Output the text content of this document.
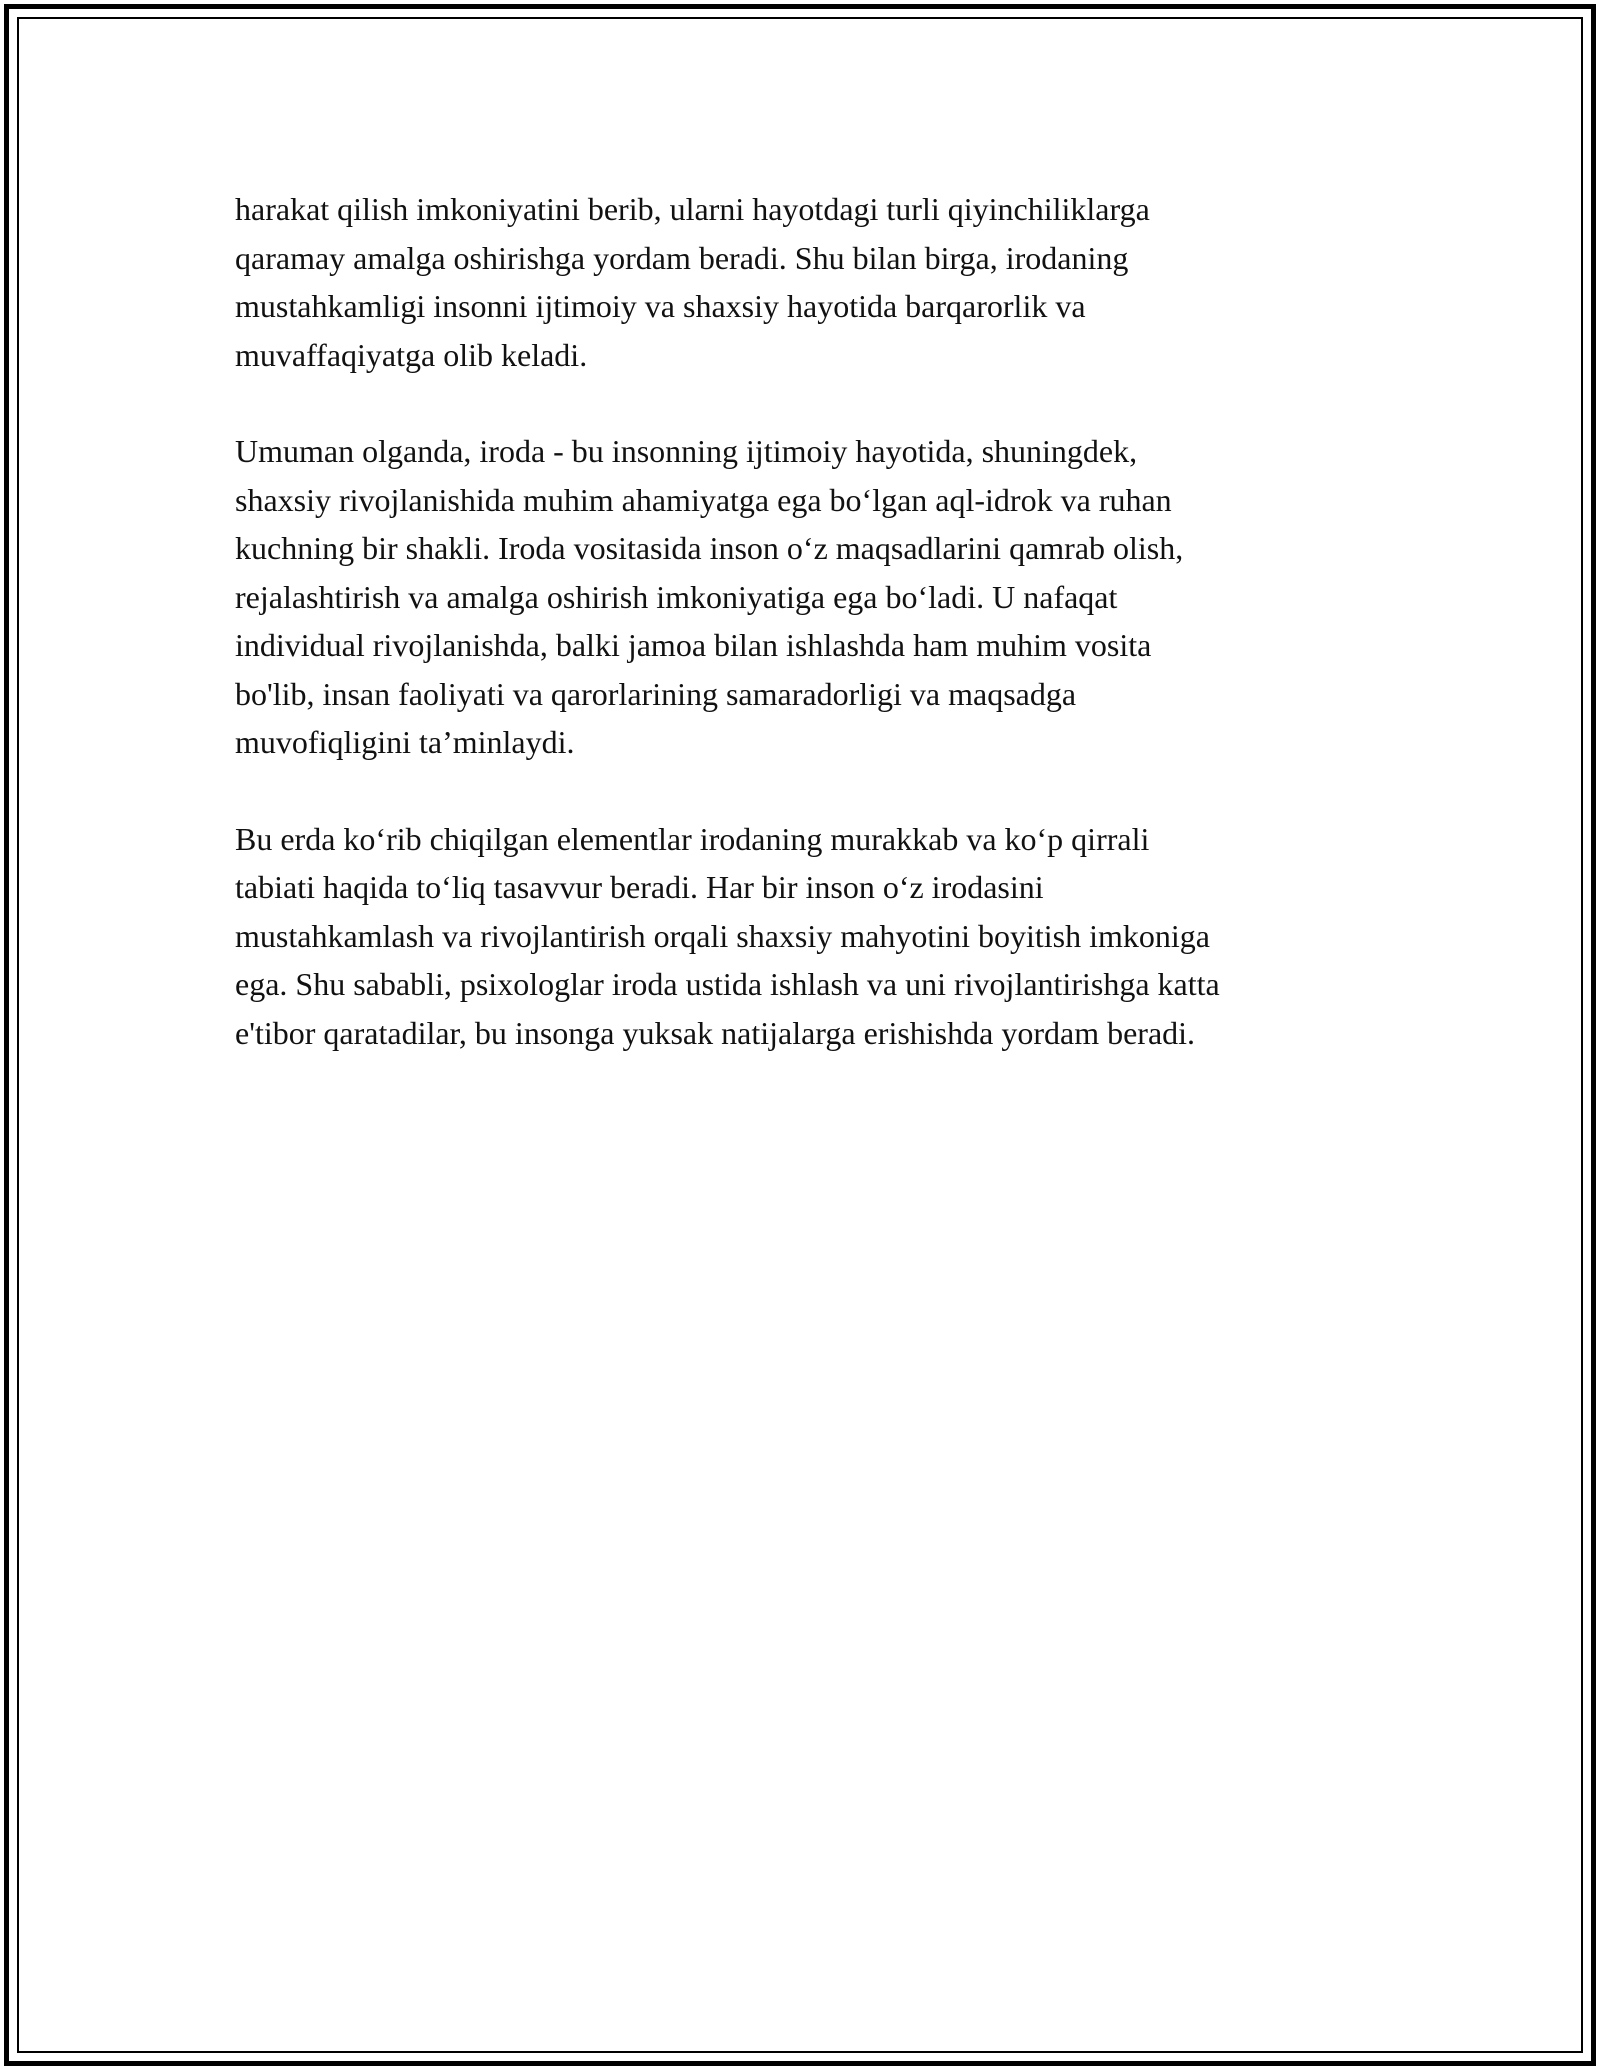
harakat qilish imkoniyatini berib, ularni hayotdagi turli qiyinchiliklarga
qaramay amalga oshirishga yordam beradi. Shu bilan birga, irodaning
mustahkamligi insonni ijtimoiy va shaxsiy hayotida barqarorlik va
muvaffaqiyatga olib keladi.

Umuman olganda, iroda - bu insonning ijtimoiy hayotida, shuningdek,
shaxsiy rivojlanishida muhim ahamiyatga ega bo‘lgan aql-idrok va ruhan
kuchning bir shakli. Iroda vositasida inson o‘z maqsadlarini qamrab olish,
rejalashtirish va amalga oshirish imkoniyatiga ega bo‘ladi. U nafaqat
individual rivojlanishda, balki jamoa bilan ishlashda ham muhim vosita
bo'lib, insan faoliyati va qarorlarining samaradorligi va maqsadga
muvofiqligini ta’minlaydi.

Bu erda ko‘rib chiqilgan elementlar irodaning murakkab va ko‘p qirrali
tabiati haqida to‘liq tasavvur beradi. Har bir inson o‘z irodasini
mustahkamlash va rivojlantirish orqali shaxsiy mahyotini boyitish imkoniga
ega. Shu sababli, psixologlar iroda ustida ishlash va uni rivojlantirishga katta
e'tibor qaratadilar, bu insonga yuksak natijalarga erishishda yordam beradi.
